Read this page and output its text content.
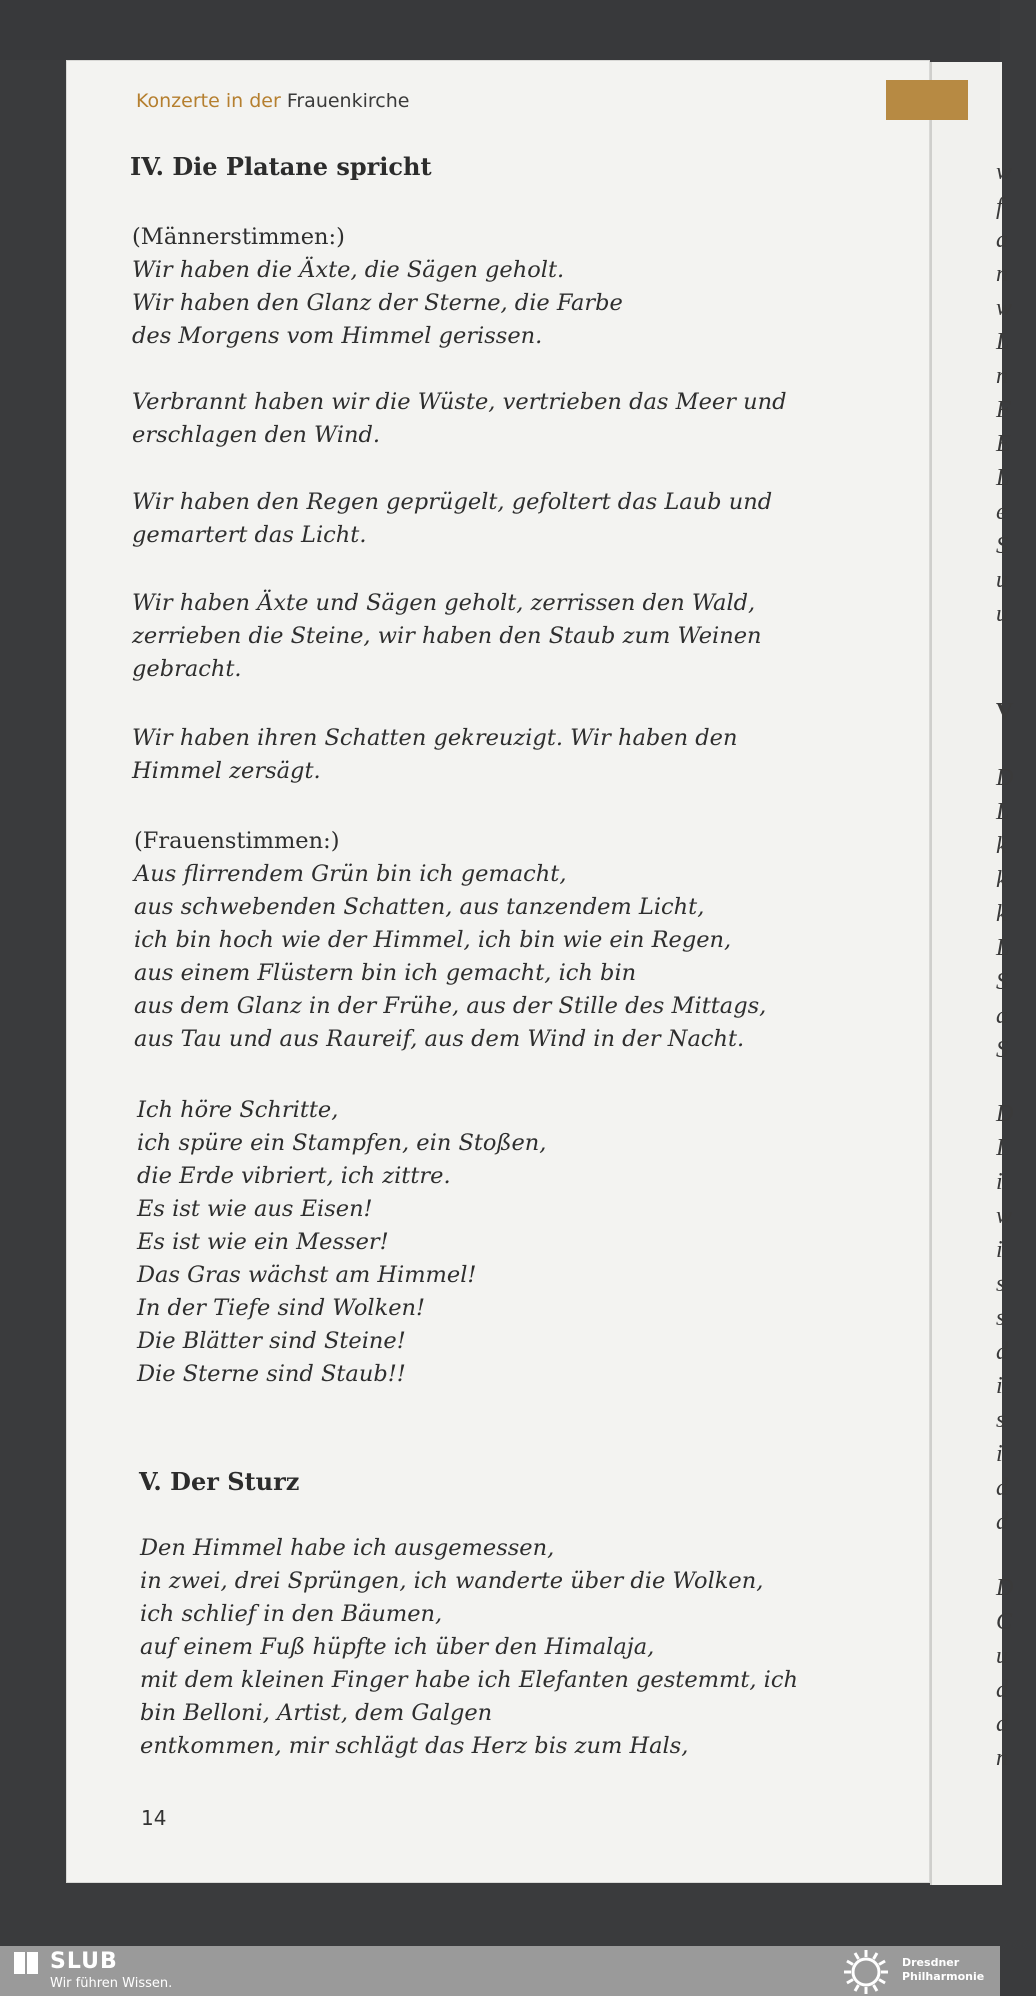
w
f
a
n
w
L
n
F
E
L
e
S
u
u
V
D
L
k
k
k
L
S
a
S
D
I
i
w
i
s
s
d
i
s
i
d
d
D
C
u
d
d
n
Konzerte in der Frauenkirche
IV. Die Platane spricht
(Männerstimmen:)
Wir haben die Äxte, die Sägen geholt.
Wir haben den Glanz der Sterne, die Farbe
des Morgens vom Himmel gerissen.
Verbrannt haben wir die Wüste, vertrieben das Meer und
erschlagen den Wind.
Wir haben den Regen geprügelt, gefoltert das Laub und
gemartert das Licht.
Wir haben Äxte und Sägen geholt, zerrissen den Wald,
zerrieben die Steine, wir haben den Staub zum Weinen
gebracht.
Wir haben ihren Schatten gekreuzigt. Wir haben den
Himmel zersägt.
(Frauenstimmen:)
Aus flirrendem Grün bin ich gemacht,
aus schwebenden Schatten, aus tanzendem Licht,
ich bin hoch wie der Himmel, ich bin wie ein Regen,
aus einem Flüstern bin ich gemacht, ich bin
aus dem Glanz in der Frühe, aus der Stille des Mittags,
aus Tau und aus Raureif, aus dem Wind in der Nacht.
Ich höre Schritte,
ich spüre ein Stampfen, ein Stoßen,
die Erde vibriert, ich zittre.
Es ist wie aus Eisen!
Es ist wie ein Messer!
Das Gras wächst am Himmel!
In der Tiefe sind Wolken!
Die Blätter sind Steine!
Die Sterne sind Staub!!
V. Der Sturz
Den Himmel habe ich ausgemessen,
in zwei, drei Sprüngen, ich wanderte über die Wolken,
ich schlief in den Bäumen,
auf einem Fuß hüpfte ich über den Himalaja,
mit dem kleinen Finger habe ich Elefanten gestemmt, ich
bin Belloni, Artist, dem Galgen
entkommen, mir schlägt das Herz bis zum Hals,
14
SLUB
Wir führen Wissen.
Dresdner
Philharmonie
